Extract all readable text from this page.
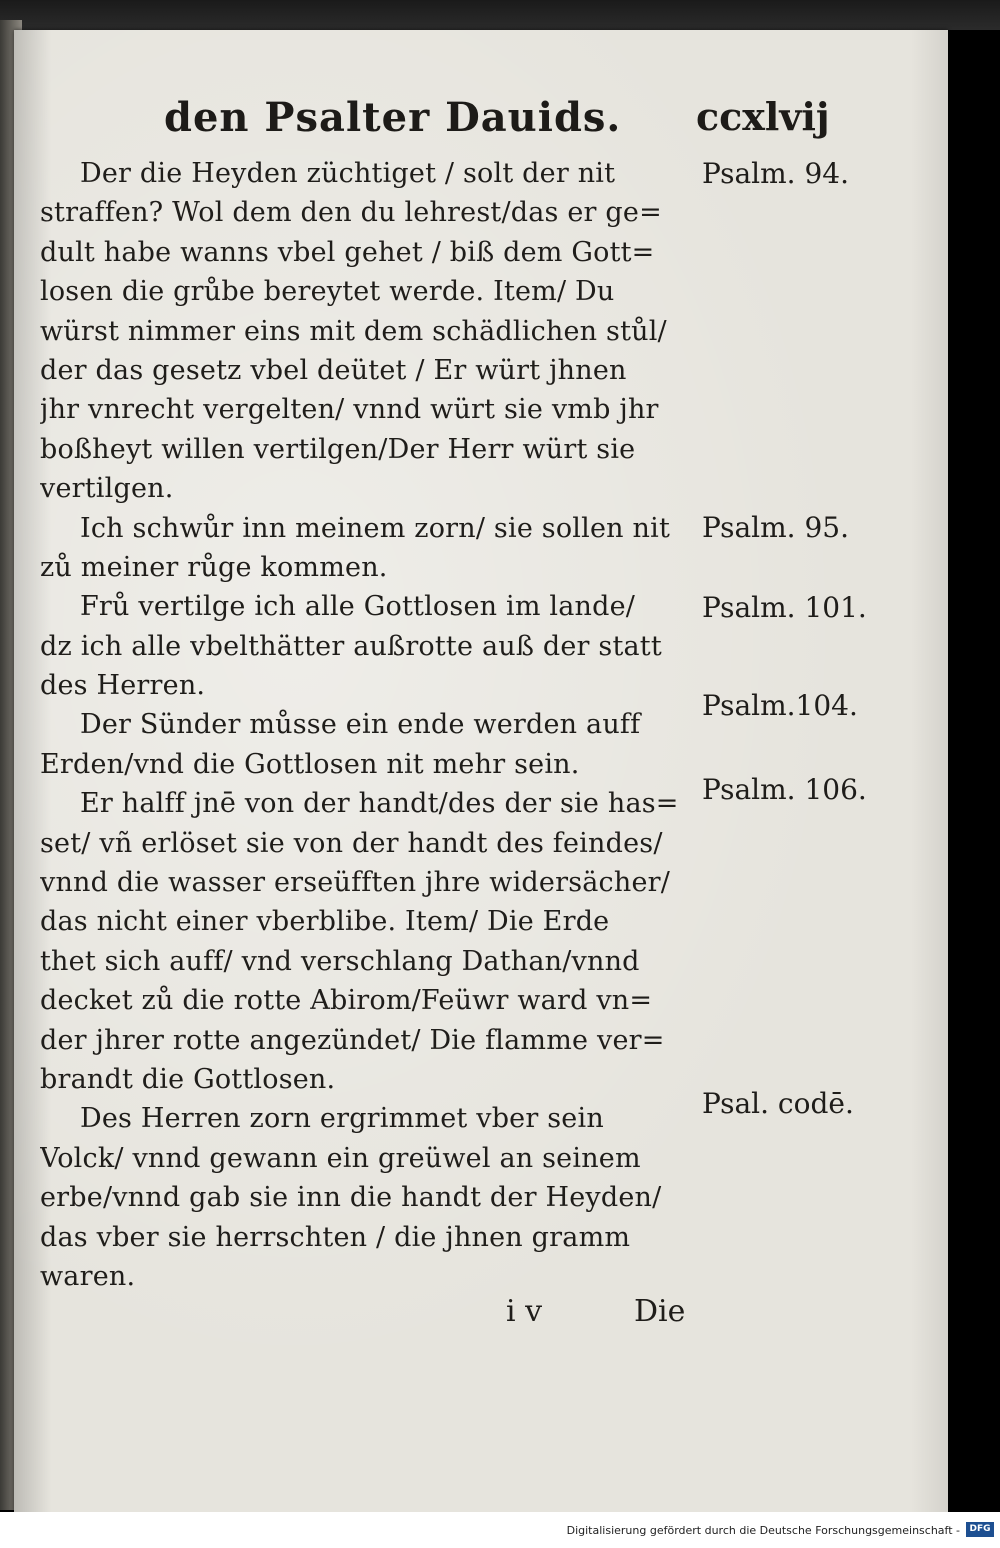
den Psalter Dauids. ccxlvij
Der die Heyden züchtiget / solt der nit
straffen? Wol dem den du lehrest/das er ge=
dult habe wanns vbel gehet / biß dem Gott=
losen die grůbe bereytet werde. Item/ Du
würst nimmer eins mit dem schädlichen stůl/
der das gesetz vbel deütet / Er würt jhnen
jhr vnrecht vergelten/ vnnd würt sie vmb jhr
boßheyt willen vertilgen/Der Herr würt sie
vertilgen.
Ich schwůr inn meinem zorn/ sie sollen nit
zů meiner růge kommen.
Frů vertilge ich alle Gottlosen im lande/
dz ich alle vbelthätter außrotte auß der statt
des Herren.
Der Sünder můsse ein ende werden auff
Erden/vnd die Gottlosen nit mehr sein.
Er halff jnē von der handt/des der sie has=
set/ vñ erlöset sie von der handt des feindes/
vnnd die wasser erseüfften jhre widersächer/
das nicht einer vberblibe. Item/ Die Erde
thet sich auff/ vnd verschlang Dathan/vnnd
decket zů die rotte Abirom/Feüwr ward vn=
der jhrer rotte angezündet/ Die flamme ver=
brandt die Gottlosen.
Des Herren zorn ergrimmet vber sein
Volck/ vnnd gewann ein greüwel an seinem
erbe/vnnd gab sie inn die handt der Heyden/
das vber sie herrschten / die jhnen gramm
waren.
Psalm. 94.
Psalm. 95.
Psalm. 101.
Psalm.104.
Psalm. 106.
Psal. codē.
i v	Die
Digitalisierung gefördert durch die Deutsche Forschungsgemeinschaft -	DFG
